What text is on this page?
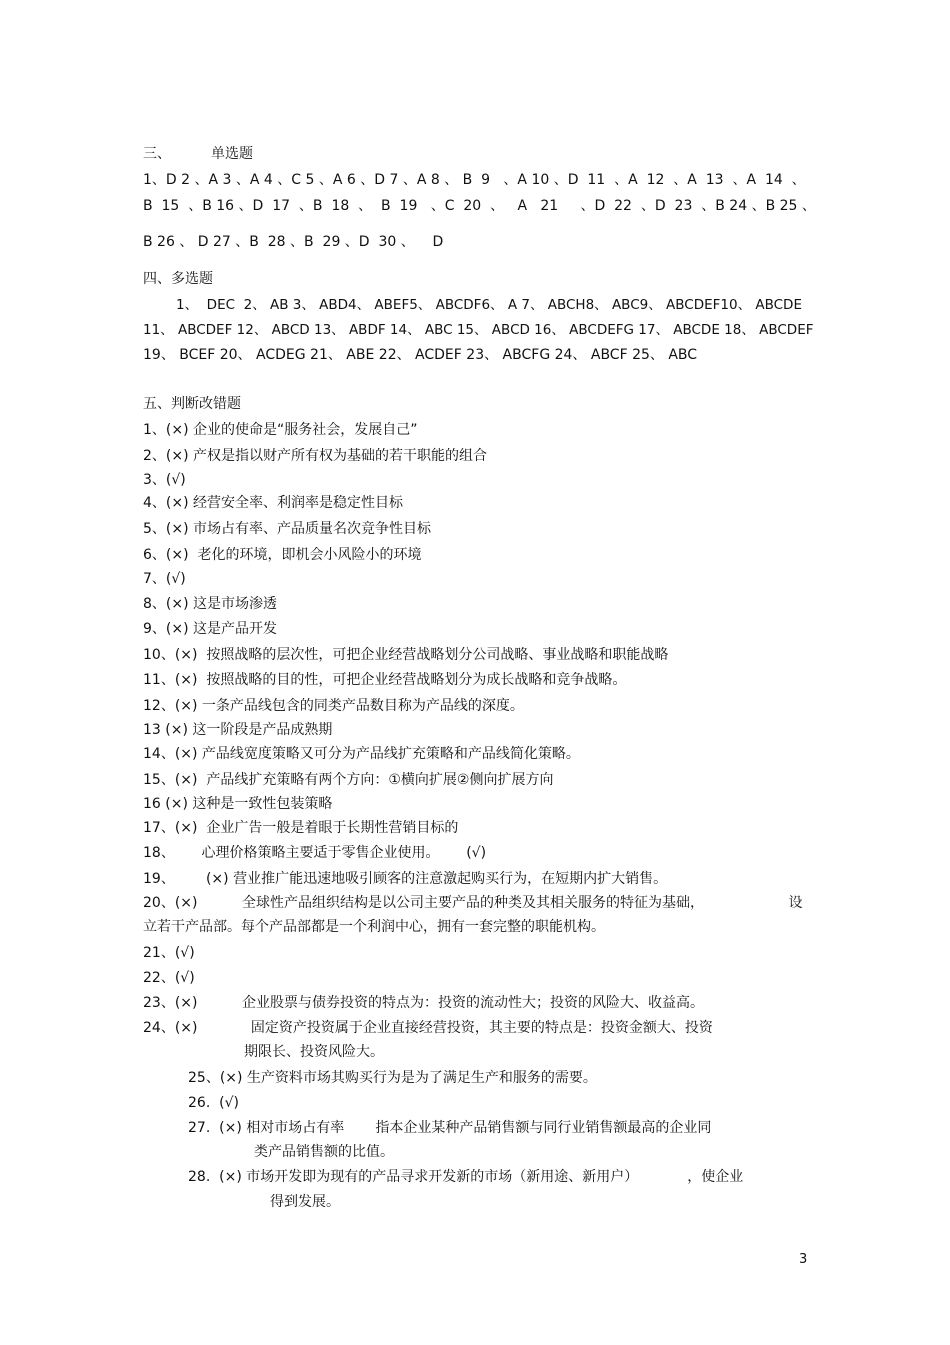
三、	单选题
1、D 2 、A 3 、A 4 、C 5 、A 6 、D 7 、A 8 、 B  9   、A 10 、D  11  、A  12  、A  13  、A  14  、
B  15  、B 16 、D  17  、B  18  、  B  19   、C  20  、   A   21     、D  22  、D  23  、B 24 、B 25 、
B 26 、 D 27 、B  28 、B  29 、D  30 、    D
四、多选题
1、  DEC  2、 AB 3、 ABD4、 ABEF5、 ABCDF6、 A 7、 ABCH8、 ABC9、 ABCDEF10、 ABCDE
11、 ABCDEF 12、 ABCD 13、 ABDF 14、 ABC 15、 ABCD 16、 ABCDEFG 17、 ABCDE 18、 ABCDEF
19、 BCEF 20、 ACDEG 21、 ABE 22、 ACDEF 23、 ABCFG 24、 ABCF 25、 ABC
五、判断改错题
1、(×) 企业的使命是“服务社会，发展自己”
2、(×) 产权是指以财产所有权为基础的若干职能的组合
3、(√)
4、(×) 经营安全率、利润率是稳定性目标
5、(×) 市场占有率、产品质量名次竞争性目标
6、(×)  老化的环境，即机会小风险小的环境
7、(√)
8、(×) 这是市场渗透
9、(×) 这是产品开发
10、(×)  按照战略的层次性，可把企业经营战略划分公司战略、事业战略和职能战略
11、(×)  按照战略的目的性，可把企业经营战略划分为成长战略和竞争战略。
12、(×) 一条产品线包含的同类产品数目称为产品线的深度。
13 (×) 这一阶段是产品成熟期
14、(×) 产品线宽度策略又可分为产品线扩充策略和产品线简化策略。
15、(×)  产品线扩充策略有两个方向：①横向扩展②侧向扩展方向
16 (×) 这种是一致性包装策略
17、(×)  企业广告一般是着眼于长期性营销目标的
18、      心理价格策略主要适于零售企业使用。      (√)
19、       (×) 营业推广能迅速地吸引顾客的注意激起购买行为，在短期内扩大销售。
20、(×)          全球性产品组织结构是以公司主要产品的种类及其相关服务的特征为基础，                   设
立若干产品部。每个产品部都是一个利润中心，拥有一套完整的职能机构。
21、(√)
22、(√)
23、(×)          企业股票与债券投资的特点为：投资的流动性大；投资的风险大、收益高。
24、(×)            固定资产投资属于企业直接经营投资，其主要的特点是：投资金额大、投资
期限长、投资风险大。
25、(×) 生产资料市场其购买行为是为了满足生产和服务的需要。
26.  (√)
27.  (×) 相对市场占有率       指本企业某种产品销售额与同行业销售额最高的企业同
类产品销售额的比值。
28.  (×) 市场开发即为现有的产品寻求开发新的市场（新用途、新用户）           ，使企业
得到发展。
3
